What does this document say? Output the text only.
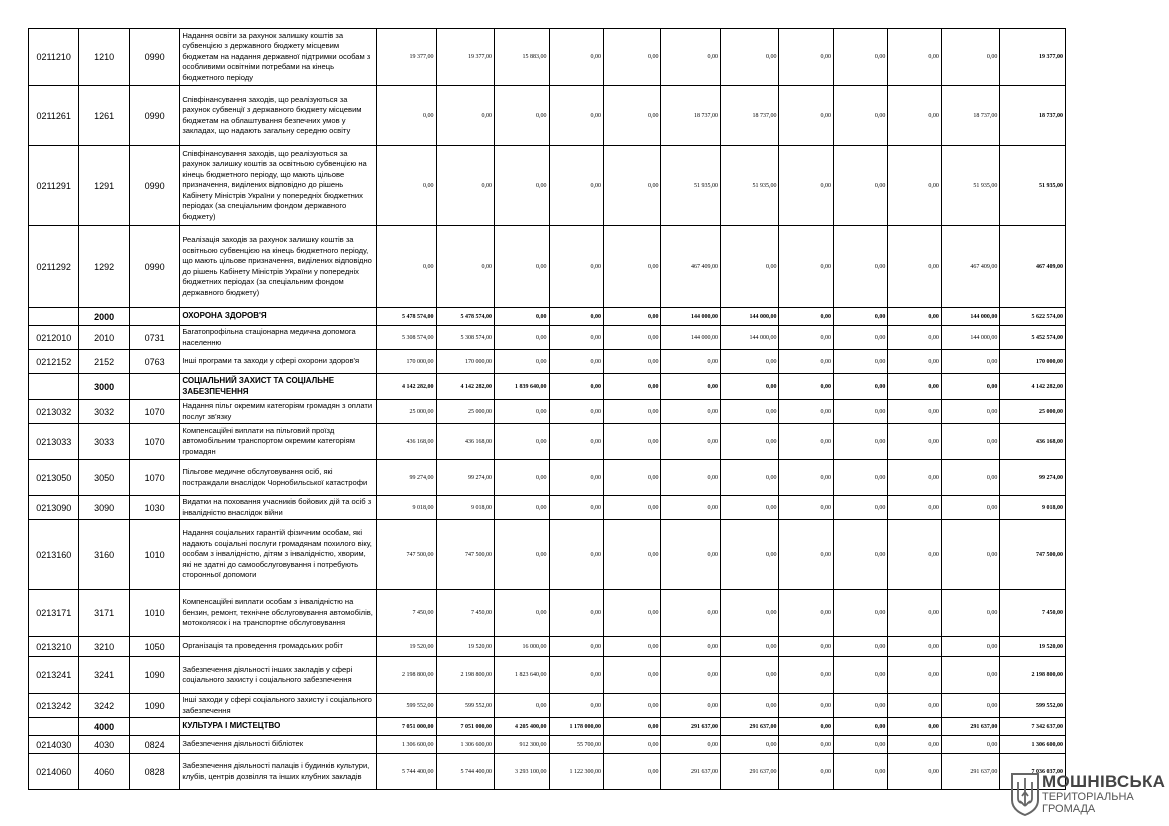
0211210	1210	0990	Надання освіти за рахунок залишку коштів за субвенцією з державного бюджету місцевим бюджетам на надання державної підтримки особам з особливими освітніми потребами на кінець бюджетного періоду	19 377,00	19 377,00	15 883,00	0,00	0,00	0,00	0,00	0,00	0,00	0,00	0,00	19 377,00
0211261	1261	0990	Співфінансування заходів, що реалізуються за рахунок субвенції з державного бюджету місцевим бюджетам на облаштування безпечних умов у закладах, що надають загальну середню освіту	0,00	0,00	0,00	0,00	0,00	18 737,00	18 737,00	0,00	0,00	0,00	18 737,00	18 737,00
0211291	1291	0990	Співфінансування заходів, що реалізуються за рахунок залишку коштів за освітньою субвенцією на кінець бюджетного періоду, що мають цільове призначення, виділених відповідно до рішень Кабінету Міністрів України у попередніх бюджетних періодах (за спеціальним фондом державного бюджету)	0,00	0,00	0,00	0,00	0,00	51 935,00	51 935,00	0,00	0,00	0,00	51 935,00	51 935,00
0211292	1292	0990	Реалізація заходів за рахунок залишку коштів за освітньою субвенцією на кінець бюджетного періоду, що мають цільове призначення, виділених відповідно до рішень Кабінету Міністрів України у попередніх бюджетних періодах (за спеціальним фондом державного бюджету)	0,00	0,00	0,00	0,00	0,00	467 409,00	0,00	0,00	0,00	0,00	467 409,00	467 409,00
	2000		ОХОРОНА ЗДОРОВ'Я	5 478 574,00	5 478 574,00	0,00	0,00	0,00	144 000,00	144 000,00	0,00	0,00	0,00	144 000,00	5 622 574,00
0212010	2010	0731	Багатопрофільна стаціонарна медична допомога населенню	5 308 574,00	5 308 574,00	0,00	0,00	0,00	144 000,00	144 000,00	0,00	0,00	0,00	144 000,00	5 452 574,00
0212152	2152	0763	Інші програми та заходи у сфері охорони здоров'я	170 000,00	170 000,00	0,00	0,00	0,00	0,00	0,00	0,00	0,00	0,00	0,00	170 000,00
	3000		СОЦІАЛЬНИЙ ЗАХИСТ ТА СОЦІАЛЬНЕ ЗАБЕЗПЕЧЕННЯ	4 142 282,00	4 142 282,00	1 839 640,00	0,00	0,00	0,00	0,00	0,00	0,00	0,00	0,00	4 142 282,00
0213032	3032	1070	Надання пільг окремим категоріям громадян з оплати послуг зв'язку	25 000,00	25 000,00	0,00	0,00	0,00	0,00	0,00	0,00	0,00	0,00	0,00	25 000,00
0213033	3033	1070	Компенсаційні виплати на пільговий проїзд автомобільним транспортом окремим категоріям громадян	436 168,00	436 168,00	0,00	0,00	0,00	0,00	0,00	0,00	0,00	0,00	0,00	436 168,00
0213050	3050	1070	Пільгове медичне обслуговування осіб, які постраждали внаслідок Чорнобильської катастрофи	99 274,00	99 274,00	0,00	0,00	0,00	0,00	0,00	0,00	0,00	0,00	0,00	99 274,00
0213090	3090	1030	Видатки на поховання учасників бойових дій та осіб з інвалідністю внаслідок війни	9 018,00	9 018,00	0,00	0,00	0,00	0,00	0,00	0,00	0,00	0,00	0,00	9 018,00
0213160	3160	1010	Надання соціальних гарантій фізичним особам, які надають соціальні послуги громадянам похилого віку, особам з інвалідністю, дітям з інвалідністю, хворим, які не здатні до самообслуговування і потребують сторонньої допомоги	747 500,00	747 500,00	0,00	0,00	0,00	0,00	0,00	0,00	0,00	0,00	0,00	747 500,00
0213171	3171	1010	Компенсаційні виплати особам з інвалідністю на бензин, ремонт, технічне обслуговування автомобілів, мотоколясок і на транспортне обслуговування	7 450,00	7 450,00	0,00	0,00	0,00	0,00	0,00	0,00	0,00	0,00	0,00	7 450,00
0213210	3210	1050	Організація та проведення громадських робіт	19 520,00	19 520,00	16 000,00	0,00	0,00	0,00	0,00	0,00	0,00	0,00	0,00	19 520,00
0213241	3241	1090	Забезпечення діяльності інших закладів у сфері соціального захисту і соціального забезпечення	2 198 800,00	2 198 800,00	1 823 640,00	0,00	0,00	0,00	0,00	0,00	0,00	0,00	0,00	2 198 800,00
0213242	3242	1090	Інші заходи у сфері соціального захисту і соціального забезпечення	599 552,00	599 552,00	0,00	0,00	0,00	0,00	0,00	0,00	0,00	0,00	0,00	599 552,00
	4000		КУЛЬТУРА І МИСТЕЦТВО	7 051 000,00	7 051 000,00	4 205 400,00	1 178 000,00	0,00	291 637,00	291 637,00	0,00	0,00	0,00	291 637,00	7 342 637,00
0214030	4030	0824	Забезпечення діяльності бібліотек	1 306 600,00	1 306 600,00	912 300,00	55 700,00	0,00	0,00	0,00	0,00	0,00	0,00	0,00	1 306 600,00
0214060	4060	0828	Забезпечення діяльності палаців i будинків культури, клубів, центрів дозвілля та iнших клубних закладів	5 744 400,00	5 744 400,00	3 293 100,00	1 122 300,00	0,00	291 637,00	291 637,00	0,00	0,00	0,00	291 637,00	7 036 037,00
МОШНІВСЬКА
ТЕРИТОРІАЛЬНА
ГРОМАДА
